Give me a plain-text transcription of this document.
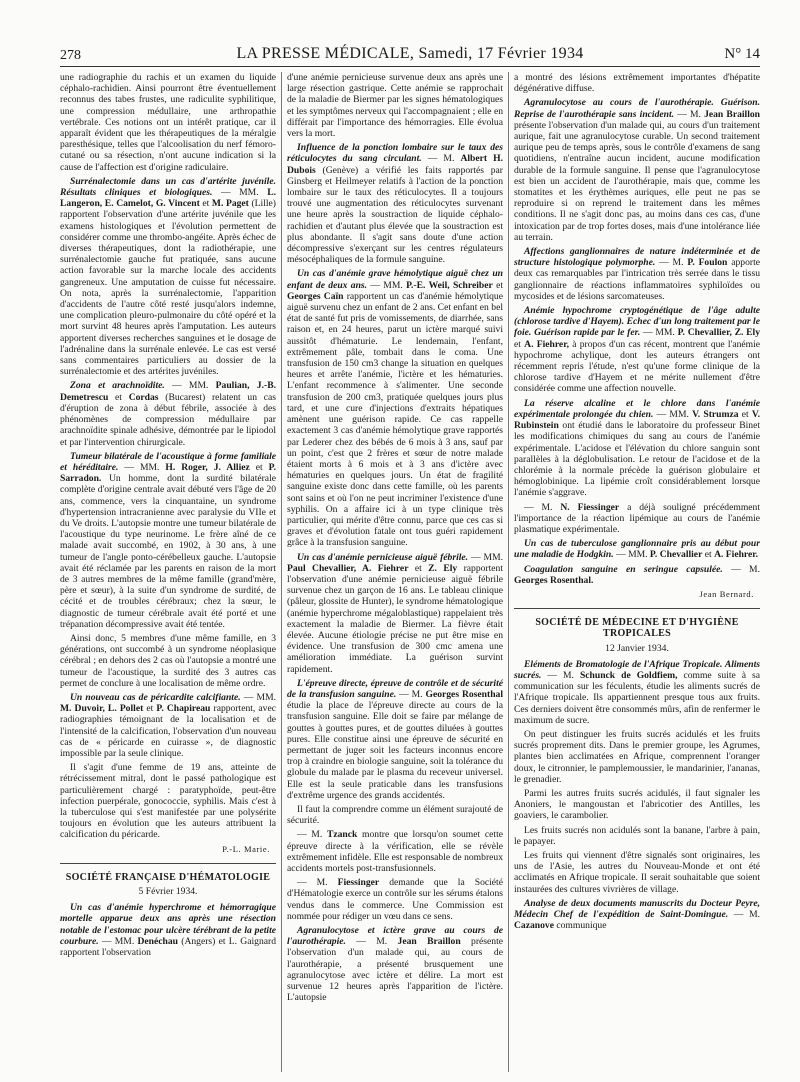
278	LA PRESSE MÉDICALE, Samedi, 17 Février 1934	N° 14

une radiographie du rachis et un examen du liquide céphalo-rachidien. Ainsi pourront être éventuellement reconnus des tabes frustes, une radiculite syphilitique, une compression médullaire, une arthropathie vertébrale. Ces notions ont un intérêt pratique, car il apparaît évident que les thérapeutiques de la méralgie paresthésique, telles que l'alcoolisation du nerf fémoro-cutané ou sa résection, n'ont aucune indication si la cause de l'affection est d'origine radiculaire.

Surrénalectomie dans un cas d'artérite juvénile. Résultats cliniques et biologiques. — MM. L. Langeron, E. Camelot, G. Vincent et M. Paget (Lille) rapportent l'observation d'une artérite juvénile que les examens histologiques et l'évolution permettent de considérer comme une thrombo-angéite. Après échec de diverses thérapeutiques, dont la radiothérapie, une surrénalectomie gauche fut pratiquée, sans aucune action favorable sur la marche locale des accidents gangreneux. Une amputation de cuisse fut nécessaire. On nota, après la surrénalectomie, l'apparition d'accidents de l'autre côté resté jusqu'alors indemne, une complication pleuro-pulmonaire du côté opéré et la mort survint 48 heures après l'amputation. Les auteurs apportent diverses recherches sanguines et le dosage de l'adrénaline dans la surrénale enlevée. Le cas est versé sans commentaires particuliers au dossier de la surrénalectomie et des artérites juvéniles.

Zona et arachnoïdite. — MM. Paulian, J.-B. Demetrescu et Cordas (Bucarest) relatent un cas d'éruption de zona à début fébrile, associée à des phénomènes de compression médullaire par arachnoïdite spinale adhésive, démontrée par le lipiodol et par l'intervention chirurgicale.

Tumeur bilatérale de l'acoustique à forme familiale et héréditaire. — MM. H. Roger, J. Alliez et P. Sarradon. Un homme, dont la surdité bilatérale complète d'origine centrale avait débuté vers l'âge de 20 ans, commence, vers la cinquantaine, un syndrome d'hypertension intracranienne avec paralysie du VIIe et du Ve droits. L'autopsie montre une tumeur bilatérale de l'acoustique du type neurinome. Le frère aîné de ce malade avait succombé, en 1902, à 30 ans, à une tumeur de l'angle ponto-cérébelleux gauche. L'autopsie avait été réclamée par les parents en raison de la mort de 3 autres membres de la même famille (grand'mère, père et sœur), à la suite d'un syndrome de surdité, de cécité et de troubles cérébraux; chez la sœur, le diagnostic de tumeur cérébrale avait été porté et une trépanation décompressive avait été tentée.

Ainsi donc, 5 membres d'une même famille, en 3 générations, ont succombé à un syndrome néoplasique cérébral ; en dehors des 2 cas où l'autopsie a montré une tumeur de l'acoustique, la surdité des 3 autres cas permet de conclure à une localisation de même ordre.

Un nouveau cas de péricardite calcifiante. — MM. M. Duvoir, L. Pollet et P. Chapireau rapportent, avec radiographies témoignant de la localisation et de l'intensité de la calcification, l'observation d'un nouveau cas de « péricarde en cuirasse », de diagnostic impossible par la seule clinique.

Il s'agit d'une femme de 19 ans, atteinte de rétrécissement mitral, dont le passé pathologique est particulièrement chargé : paratyphoïde, peut-être infection puerpérale, gonococcie, syphilis. Mais c'est à la tuberculose qui s'est manifestée par une polysérite toujours en évolution que les auteurs attribuent la calcification du péricarde.

P.-L. Marie.
SOCIÉTÉ FRANÇAISE D'HÉMATOLOGIE
5 Février 1934.

Un cas d'anémie hyperchrome et hémorragique mortelle apparue deux ans après une résection notable de l'estomac pour ulcère térébrant de la petite courbure. — MM. Denéchau (Angers) et L. Gaignard rapportent l'observation

d'une anémie pernicieuse survenue deux ans après une large résection gastrique. Cette anémie se rapprochait de la maladie de Biermer par les signes hématologiques et les symptômes nerveux qui l'accompagnaient ; elle en différait par l'importance des hémorragies. Elle évolua vers la mort.

Influence de la ponction lombaire sur le taux des réticulocytes du sang circulant. — M. Albert H. Dubois (Genève) a vérifié les faits rapportés par Ginsberg et Heilmeyer relatifs à l'action de la ponction lombaire sur le taux des réticulocytes. Il a toujours trouvé une augmentation des réticulocytes survenant une heure après la soustraction de liquide céphalo-rachidien et d'autant plus élevée que la soustraction est plus abondante. Il s'agit sans doute d'une action décompressive s'exerçant sur les centres régulateurs mésocéphaliques de la formule sanguine.

Un cas d'anémie grave hémolytique aiguë chez un enfant de deux ans. — MM. P.-E. Weil, Schreiber et Georges Caïn rapportent un cas d'anémie hémolytique aiguë survenu chez un enfant de 2 ans. Cet enfant en bel état de santé fut pris de vomissements, de diarrhée, sans raison et, en 24 heures, parut un ictère marqué suivi aussitôt d'hématurie. Le lendemain, l'enfant, extrêmement pâle, tombait dans le coma. Une transfusion de 150 cm3 change la situation en quelques heures et arrête l'anémie, l'ictère et les hématuries. L'enfant recommence à s'alimenter. Une seconde transfusion de 200 cm3, pratiquée quelques jours plus tard, et une cure d'injections d'extraits hépatiques amènent une guérison rapide. Ce cas rappelle exactement 3 cas d'anémie hémolytique grave rapportés par Lederer chez des bébés de 6 mois à 3 ans, sauf par un point, c'est que 2 frères et sœur de notre malade étaient morts à 6 mois et à 3 ans d'ictère avec hématuries en quelques jours. Un état de fragilité sanguine existe donc dans cette famille, où les parents sont sains et où l'on ne peut incriminer l'existence d'une syphilis. On a affaire ici à un type clinique très particulier, qui mérite d'être connu, parce que ces cas si graves et d'évolution fatale ont tous guéri rapidement grâce à la transfusion sanguine.

Un cas d'anémie pernicieuse aiguë fébrile. — MM. Paul Chevallier, A. Fiehrer et Z. Ely rapportent l'observation d'une anémie pernicieuse aiguë fébrile survenue chez un garçon de 16 ans. Le tableau clinique (pâleur, glossite de Hunter), le syndrome hématologique (anémie hyperchrome mégaloblastique) rappelaient très exactement la maladie de Biermer. La fièvre était élevée. Aucune étiologie précise ne put être mise en évidence. Une transfusion de 300 cmc amena une amélioration immédiate. La guérison survint rapidement.

L'épreuve directe, épreuve de contrôle et de sécurité de la transfusion sanguine. — M. Georges Rosenthal étudie la place de l'épreuve directe au cours de la transfusion sanguine. Elle doit se faire par mélange de gouttes à gouttes pures, et de gouttes diluées à gouttes pures. Elle constitue ainsi une épreuve de sécurité en permettant de juger soit les facteurs inconnus encore trop à craindre en biologie sanguine, soit la tolérance du globule du malade par le plasma du receveur universel. Elle est la seule praticable dans les transfusions d'extrême urgence des grands accidentés.

Il faut la comprendre comme un élément surajouté de sécurité.

— M. Tzanck montre que lorsqu'on soumet cette épreuve directe à la vérification, elle se révèle extrêmement infidèle. Elle est responsable de nombreux accidents mortels post-transfusionnels.

— M. Fiessinger demande que la Société d'Hématologie exerce un contrôle sur les sérums étalons vendus dans le commerce. Une Commission est nommée pour rédiger un vœu dans ce sens.

Agranulocytose et ictère grave au cours de l'aurothérapie. — M. Jean Braillon présente l'observation d'un malade qui, au cours de l'aurothérapie, a présenté brusquement une agranulocytose avec ictère et délire. La mort est survenue 12 heures après l'apparition de l'ictère. L'autopsie

a montré des lésions extrêmement importantes d'hépatite dégénérative diffuse.

Agranulocytose au cours de l'aurothérapie. Guérison. Reprise de l'aurothérapie sans incident. — M. Jean Braillon présente l'observation d'un malade qui, au cours d'un traitement aurique, fait une agranulocytose curable. Un second traitement aurique peu de temps après, sous le contrôle d'examens de sang quotidiens, n'entraîne aucun incident, aucune modification durable de la formule sanguine. Il pense que l'agranulocytose est bien un accident de l'aurothérapie, mais que, comme les stomatites et les érythèmes auriques, elle peut ne pas se reproduire si on reprend le traitement dans les mêmes conditions. Il ne s'agit donc pas, au moins dans ces cas, d'une intoxication par de trop fortes doses, mais d'une intolérance liée au terrain.

Affections ganglionnaires de nature indéterminée et de structure histologique polymorphe. — M. P. Foulon apporte deux cas remarquables par l'intrication très serrée dans le tissu ganglionnaire de réactions inflammatoires syphiloïdes ou mycosides et de lésions sarcomateuses.

Anémie hypochrome cryptogénétique de l'âge adulte (chlorose tardive d'Hayem). Echec d'un long traitement par le foie. Guérison rapide par le fer. — MM. P. Chevallier, Z. Ely et A. Fiehrer, à propos d'un cas récent, montrent que l'anémie hypochrome achylique, dont les auteurs étrangers ont récemment repris l'étude, n'est qu'une forme clinique de la chlorose tardive d'Hayem et ne mérite nullement d'être considérée comme une affection nouvelle.

La réserve alcaline et le chlore dans l'anémie expérimentale prolongée du chien. — MM. V. Strumza et V. Rubinstein ont étudié dans le laboratoire du professeur Binet les modifications chimiques du sang au cours de l'anémie expérimentale. L'acidose et l'élévation du chlore sanguin sont parallèles à la déglobulisation. Le retour de l'acidose et de la chlorémie à la normale précède la guérison globulaire et hémoglobinique. La lipémie croît considérablement lorsque l'anémie s'aggrave.

— M. N. Fiessinger a déjà souligné précédemment l'importance de la réaction lipémique au cours de l'anémie plasmatique expérimentale.

Un cas de tuberculose ganglionnaire pris au début pour une maladie de Hodgkin. — MM. P. Chevallier et A. Fiehrer.

Coagulation sanguine en seringue capsulée. — M. Georges Rosenthal.

Jean Bernard.
SOCIÉTÉ DE MÉDECINE ET D'HYGIÈNE TROPICALES
12 Janvier 1934.

Eléments de Bromatologie de l'Afrique Tropicale. Aliments sucrés. — M. Schunck de Goldfiem, comme suite à sa communication sur les féculents, étudie les aliments sucrés de l'Afrique tropicale. Ils appartiennent presque tous aux fruits. Ces derniers doivent être consommés mûrs, afin de renfermer le maximum de sucre.

On peut distinguer les fruits sucrés acidulés et les fruits sucrés proprement dits. Dans le premier groupe, les Agrumes, plantes bien acclimatées en Afrique, comprennent l'oranger doux, le citronnier, le pamplemoussier, le mandarinier, l'ananas, le grenadier.

Parmi les autres fruits sucrés acidulés, il faut signaler les Anoniers, le mangoustan et l'abricotier des Antilles, les goaviers, le carambolier.

Les fruits sucrés non acidulés sont la banane, l'arbre à pain, le papayer.

Les fruits qui viennent d'être signalés sont originaires, les uns de l'Asie, les autres du Nouveau-Monde et ont été acclimatés en Afrique tropicale. Il serait souhaitable que soient instaurées des cultures vivrières de village.

Analyse de deux documents manuscrits du Docteur Peyre, Médecin Chef de l'expédition de Saint-Domingue. — M. Cazanove communique
